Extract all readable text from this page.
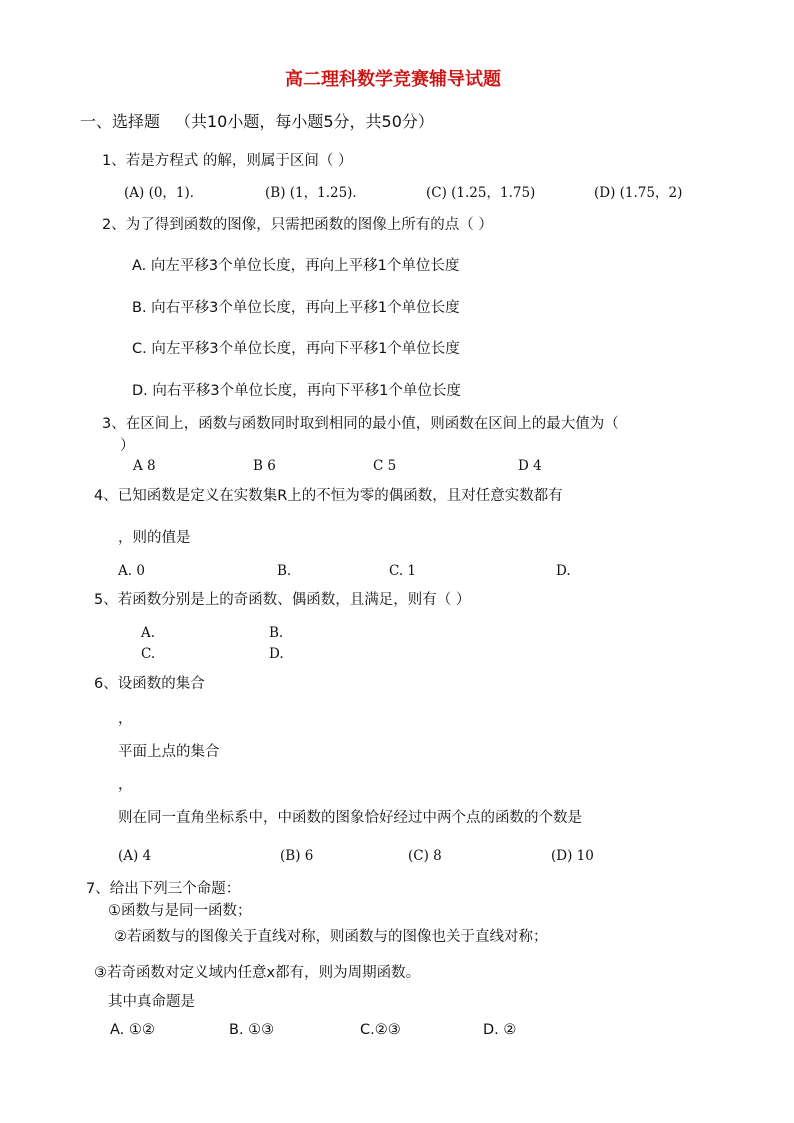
高二理科数学竞赛辅导试题
一、选择题 （共10小题，每小题5分，共50分）
1、若是方程式 的解，则属于区间（ ）
(A) (0，1)．	(B) (1，1.25)．	(C) (1.25，1.75)	(D) (1.75，2)
2、为了得到函数的图像，只需把函数的图像上所有的点（ ）
A. 向左平移3个单位长度，再向上平移1个单位长度
B. 向右平移3个单位长度，再向上平移1个单位长度
C. 向左平移3个单位长度，再向下平移1个单位长度
D. 向右平移3个单位长度，再向下平移1个单位长度
3、在区间上，函数与函数同时取到相同的最小值，则函数在区间上的最大值为（
）
A 8	B 6	C 5	D 4
4、已知函数是定义在实数集R上的不恒为零的偶函数，且对任意实数都有
，则的值是
A. 0	B.	C. 1	D.
5、若函数分别是上的奇函数、偶函数，且满足，则有（ ）
A.	B.
C.	D.
6、设函数的集合
，
平面上点的集合
，
则在同一直角坐标系中，中函数的图象恰好经过中两个点的函数的个数是
(A) 4	(B) 6	(C) 8	(D) 10
7、给出下列三个命题：
①函数与是同一函数；
②若函数与的图像关于直线对称，则函数与的图像也关于直线对称；
③若奇函数对定义域内任意x都有，则为周期函数。
其中真命题是
A. ①②	B. ①③	C.②③	D. ②
